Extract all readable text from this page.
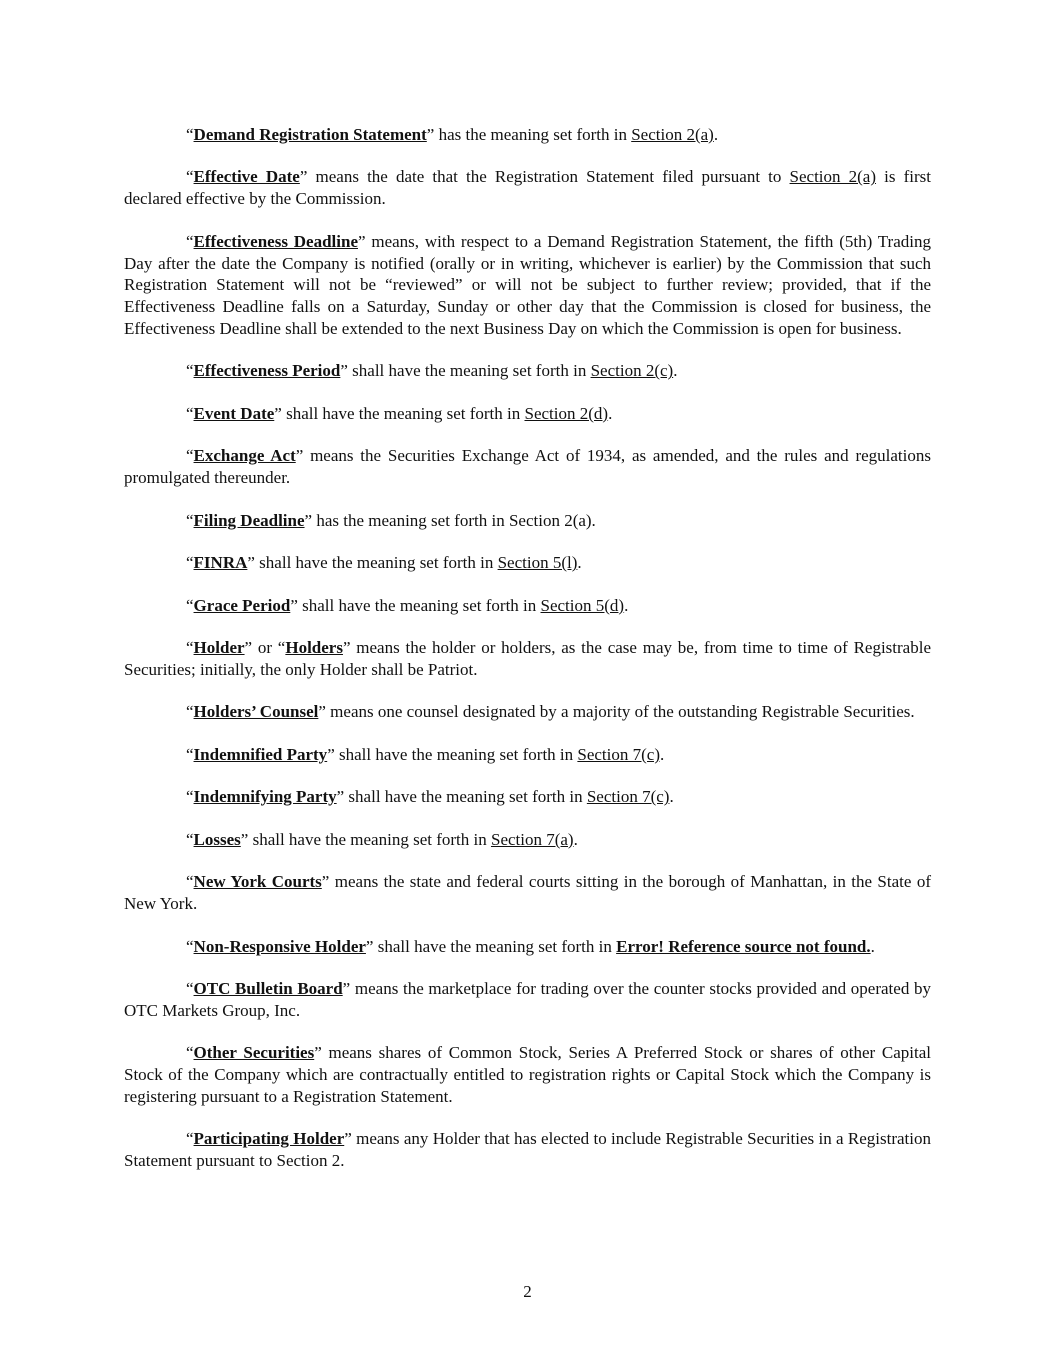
“Demand Registration Statement” has the meaning set forth in Section 2(a).

“Effective Date” means the date that the Registration Statement filed pursuant to Section 2(a) is first declared effective by the Commission.

“Effectiveness Deadline” means, with respect to a Demand Registration Statement, the fifth (5th) Trading Day after the date the Company is notified (orally or in writing, whichever is earlier) by the Commission that such Registration Statement will not be “reviewed” or will not be subject to further review; provided, that if the Effectiveness Deadline falls on a Saturday, Sunday or other day that the Commission is closed for business, the Effectiveness Deadline shall be extended to the next Business Day on which the Commission is open for business.

“Effectiveness Period” shall have the meaning set forth in Section 2(c).

“Event Date” shall have the meaning set forth in Section 2(d).

“Exchange Act” means the Securities Exchange Act of 1934, as amended, and the rules and regulations promulgated thereunder.

“Filing Deadline” has the meaning set forth in Section 2(a).

“FINRA” shall have the meaning set forth in Section 5(l).

“Grace Period” shall have the meaning set forth in Section 5(d).

“Holder” or “Holders” means the holder or holders, as the case may be, from time to time of Registrable Securities; initially, the only Holder shall be Patriot.

“Holders’ Counsel” means one counsel designated by a majority of the outstanding Registrable Securities.

“Indemnified Party” shall have the meaning set forth in Section 7(c).

“Indemnifying Party” shall have the meaning set forth in Section 7(c).

“Losses” shall have the meaning set forth in Section 7(a).

“New York Courts” means the state and federal courts sitting in the borough of Manhattan, in the State of New York.

“Non-Responsive Holder” shall have the meaning set forth in Error! Reference source not found..

“OTC Bulletin Board” means the marketplace for trading over the counter stocks provided and operated by OTC Markets Group, Inc.

“Other Securities” means shares of Common Stock, Series A Preferred Stock or shares of other Capital Stock of the Company which are contractually entitled to registration rights or Capital Stock which the Company is registering pursuant to a Registration Statement.

“Participating Holder” means any Holder that has elected to include Registrable Securities in a Registration Statement pursuant to Section 2.

2
